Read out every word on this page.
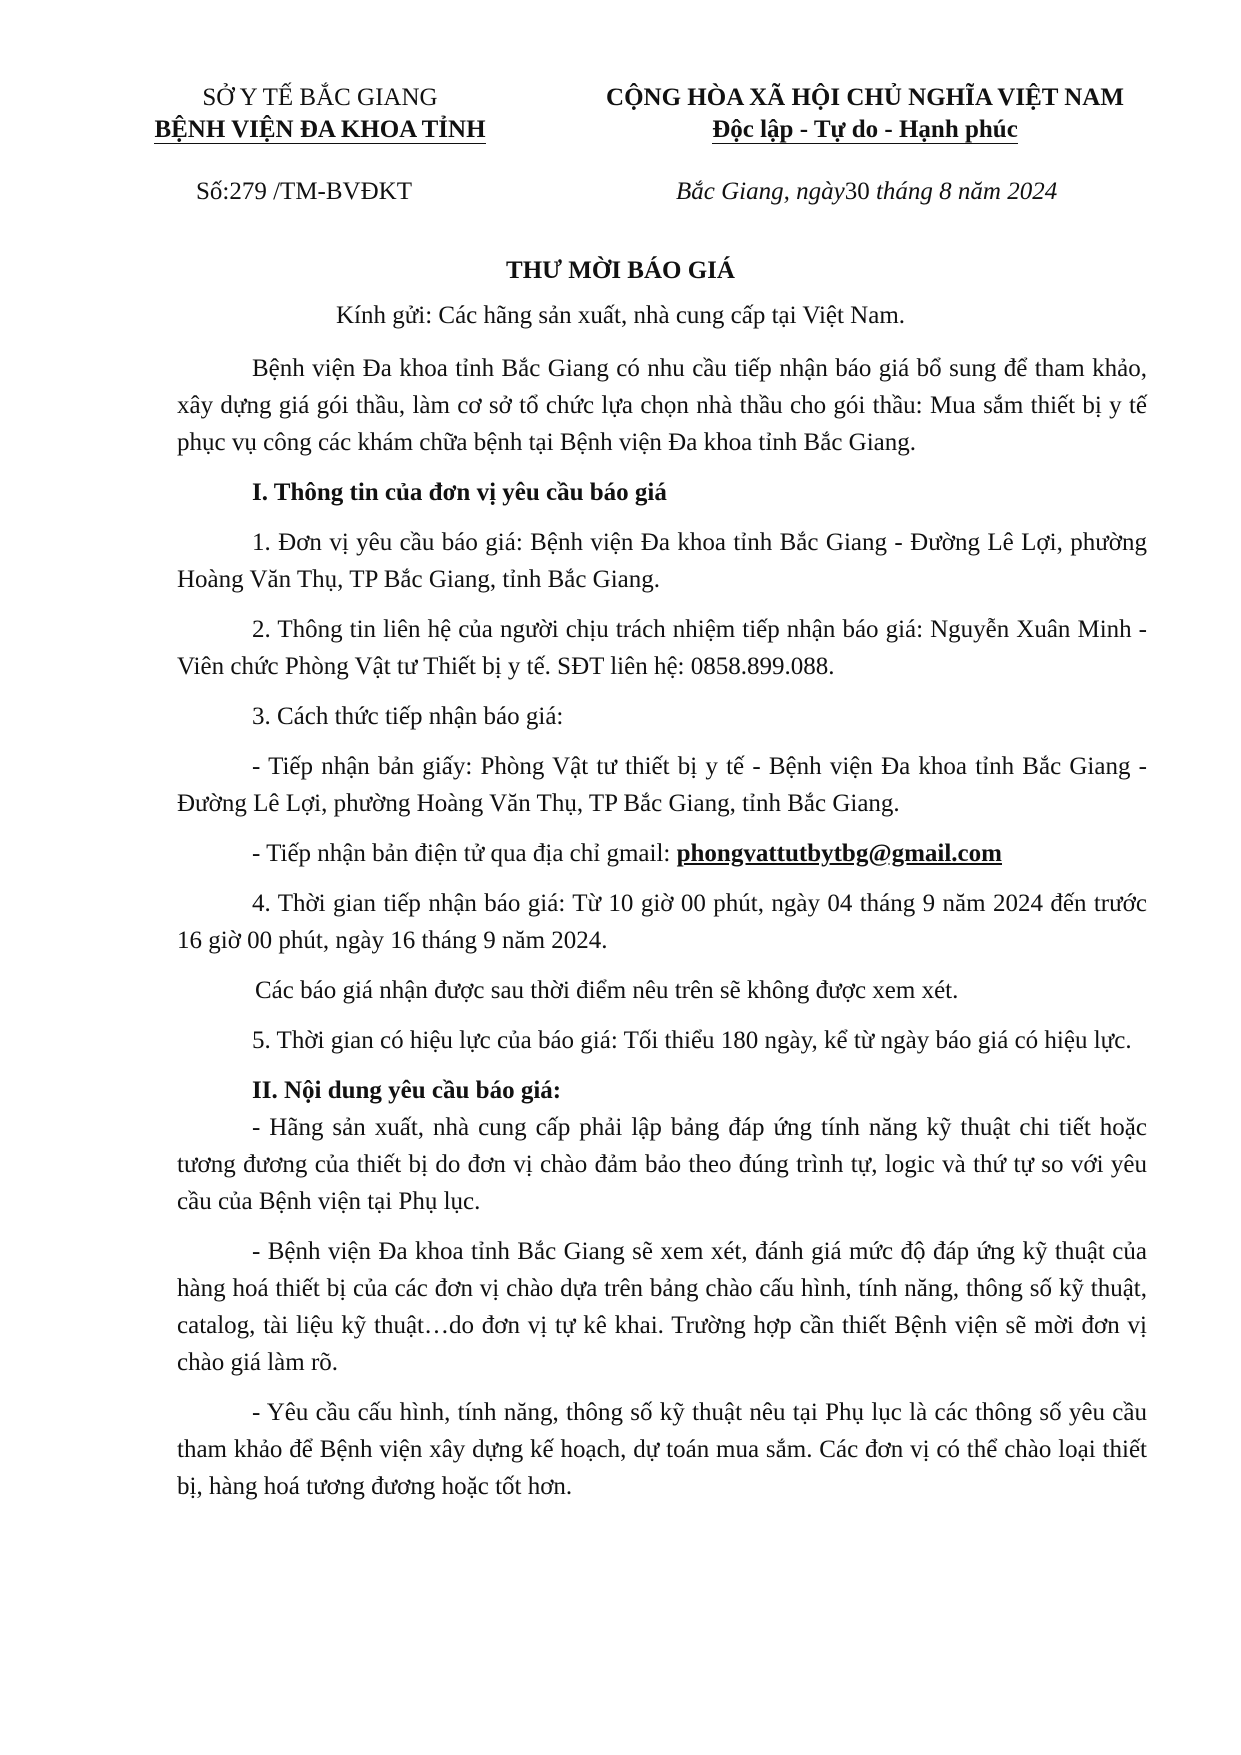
SỞ Y TẾ BẮC GIANG
BỆNH VIỆN ĐA KHOA TỈNH
CỘNG HÒA XÃ HỘI CHỦ NGHĨA VIỆT NAM
Độc lập - Tự do - Hạnh phúc
Số:279 /TM-BVĐKT	Bắc Giang, ngày30 tháng 8 năm 2024
THƯ MỜI BÁO GIÁ
Kính gửi: Các hãng sản xuất, nhà cung cấp tại Việt Nam.

Bệnh viện Đa khoa tỉnh Bắc Giang có nhu cầu tiếp nhận báo giá bổ sung để tham khảo, xây dựng giá gói thầu, làm cơ sở tổ chức lựa chọn nhà thầu cho gói thầu: Mua sắm thiết bị y tế phục vụ công các khám chữa bệnh tại Bệnh viện Đa khoa tỉnh Bắc Giang.

I. Thông tin của đơn vị yêu cầu báo giá

1. Đơn vị yêu cầu báo giá: Bệnh viện Đa khoa tỉnh Bắc Giang - Đường Lê Lợi, phường Hoàng Văn Thụ, TP Bắc Giang, tỉnh Bắc Giang.

2. Thông tin liên hệ của người chịu trách nhiệm tiếp nhận báo giá: Nguyễn Xuân Minh - Viên chức Phòng Vật tư Thiết bị y tế. SĐT liên hệ: 0858.899.088.

3. Cách thức tiếp nhận báo giá:

- Tiếp nhận bản giấy: Phòng Vật tư thiết bị y tế - Bệnh viện Đa khoa tỉnh Bắc Giang - Đường Lê Lợi, phường Hoàng Văn Thụ, TP Bắc Giang, tỉnh Bắc Giang.

- Tiếp nhận bản điện tử qua địa chỉ gmail: phongvattutbytbg@gmail.com

4. Thời gian tiếp nhận báo giá: Từ 10 giờ 00 phút, ngày 04 tháng 9 năm 2024 đến trước 16 giờ 00 phút, ngày 16 tháng 9 năm 2024.

Các báo giá nhận được sau thời điểm nêu trên sẽ không được xem xét.

5. Thời gian có hiệu lực của báo giá: Tối thiểu 180 ngày, kể từ ngày báo giá có hiệu lực.

II. Nội dung yêu cầu báo giá:

- Hãng sản xuất, nhà cung cấp phải lập bảng đáp ứng tính năng kỹ thuật chi tiết hoặc tương đương của thiết bị do đơn vị chào đảm bảo theo đúng trình tự, logic và thứ tự so với yêu cầu của Bệnh viện tại Phụ lục.

- Bệnh viện Đa khoa tỉnh Bắc Giang sẽ xem xét, đánh giá mức độ đáp ứng kỹ thuật của hàng hoá thiết bị của các đơn vị chào dựa trên bảng chào cấu hình, tính năng, thông số kỹ thuật, catalog, tài liệu kỹ thuật…do đơn vị tự kê khai. Trường hợp cần thiết Bệnh viện sẽ mời đơn vị chào giá làm rõ.

- Yêu cầu cấu hình, tính năng, thông số kỹ thuật nêu tại Phụ lục là các thông số yêu cầu tham khảo để Bệnh viện xây dựng kế hoạch, dự toán mua sắm. Các đơn vị có thể chào loại thiết bị, hàng hoá tương đương hoặc tốt hơn.
